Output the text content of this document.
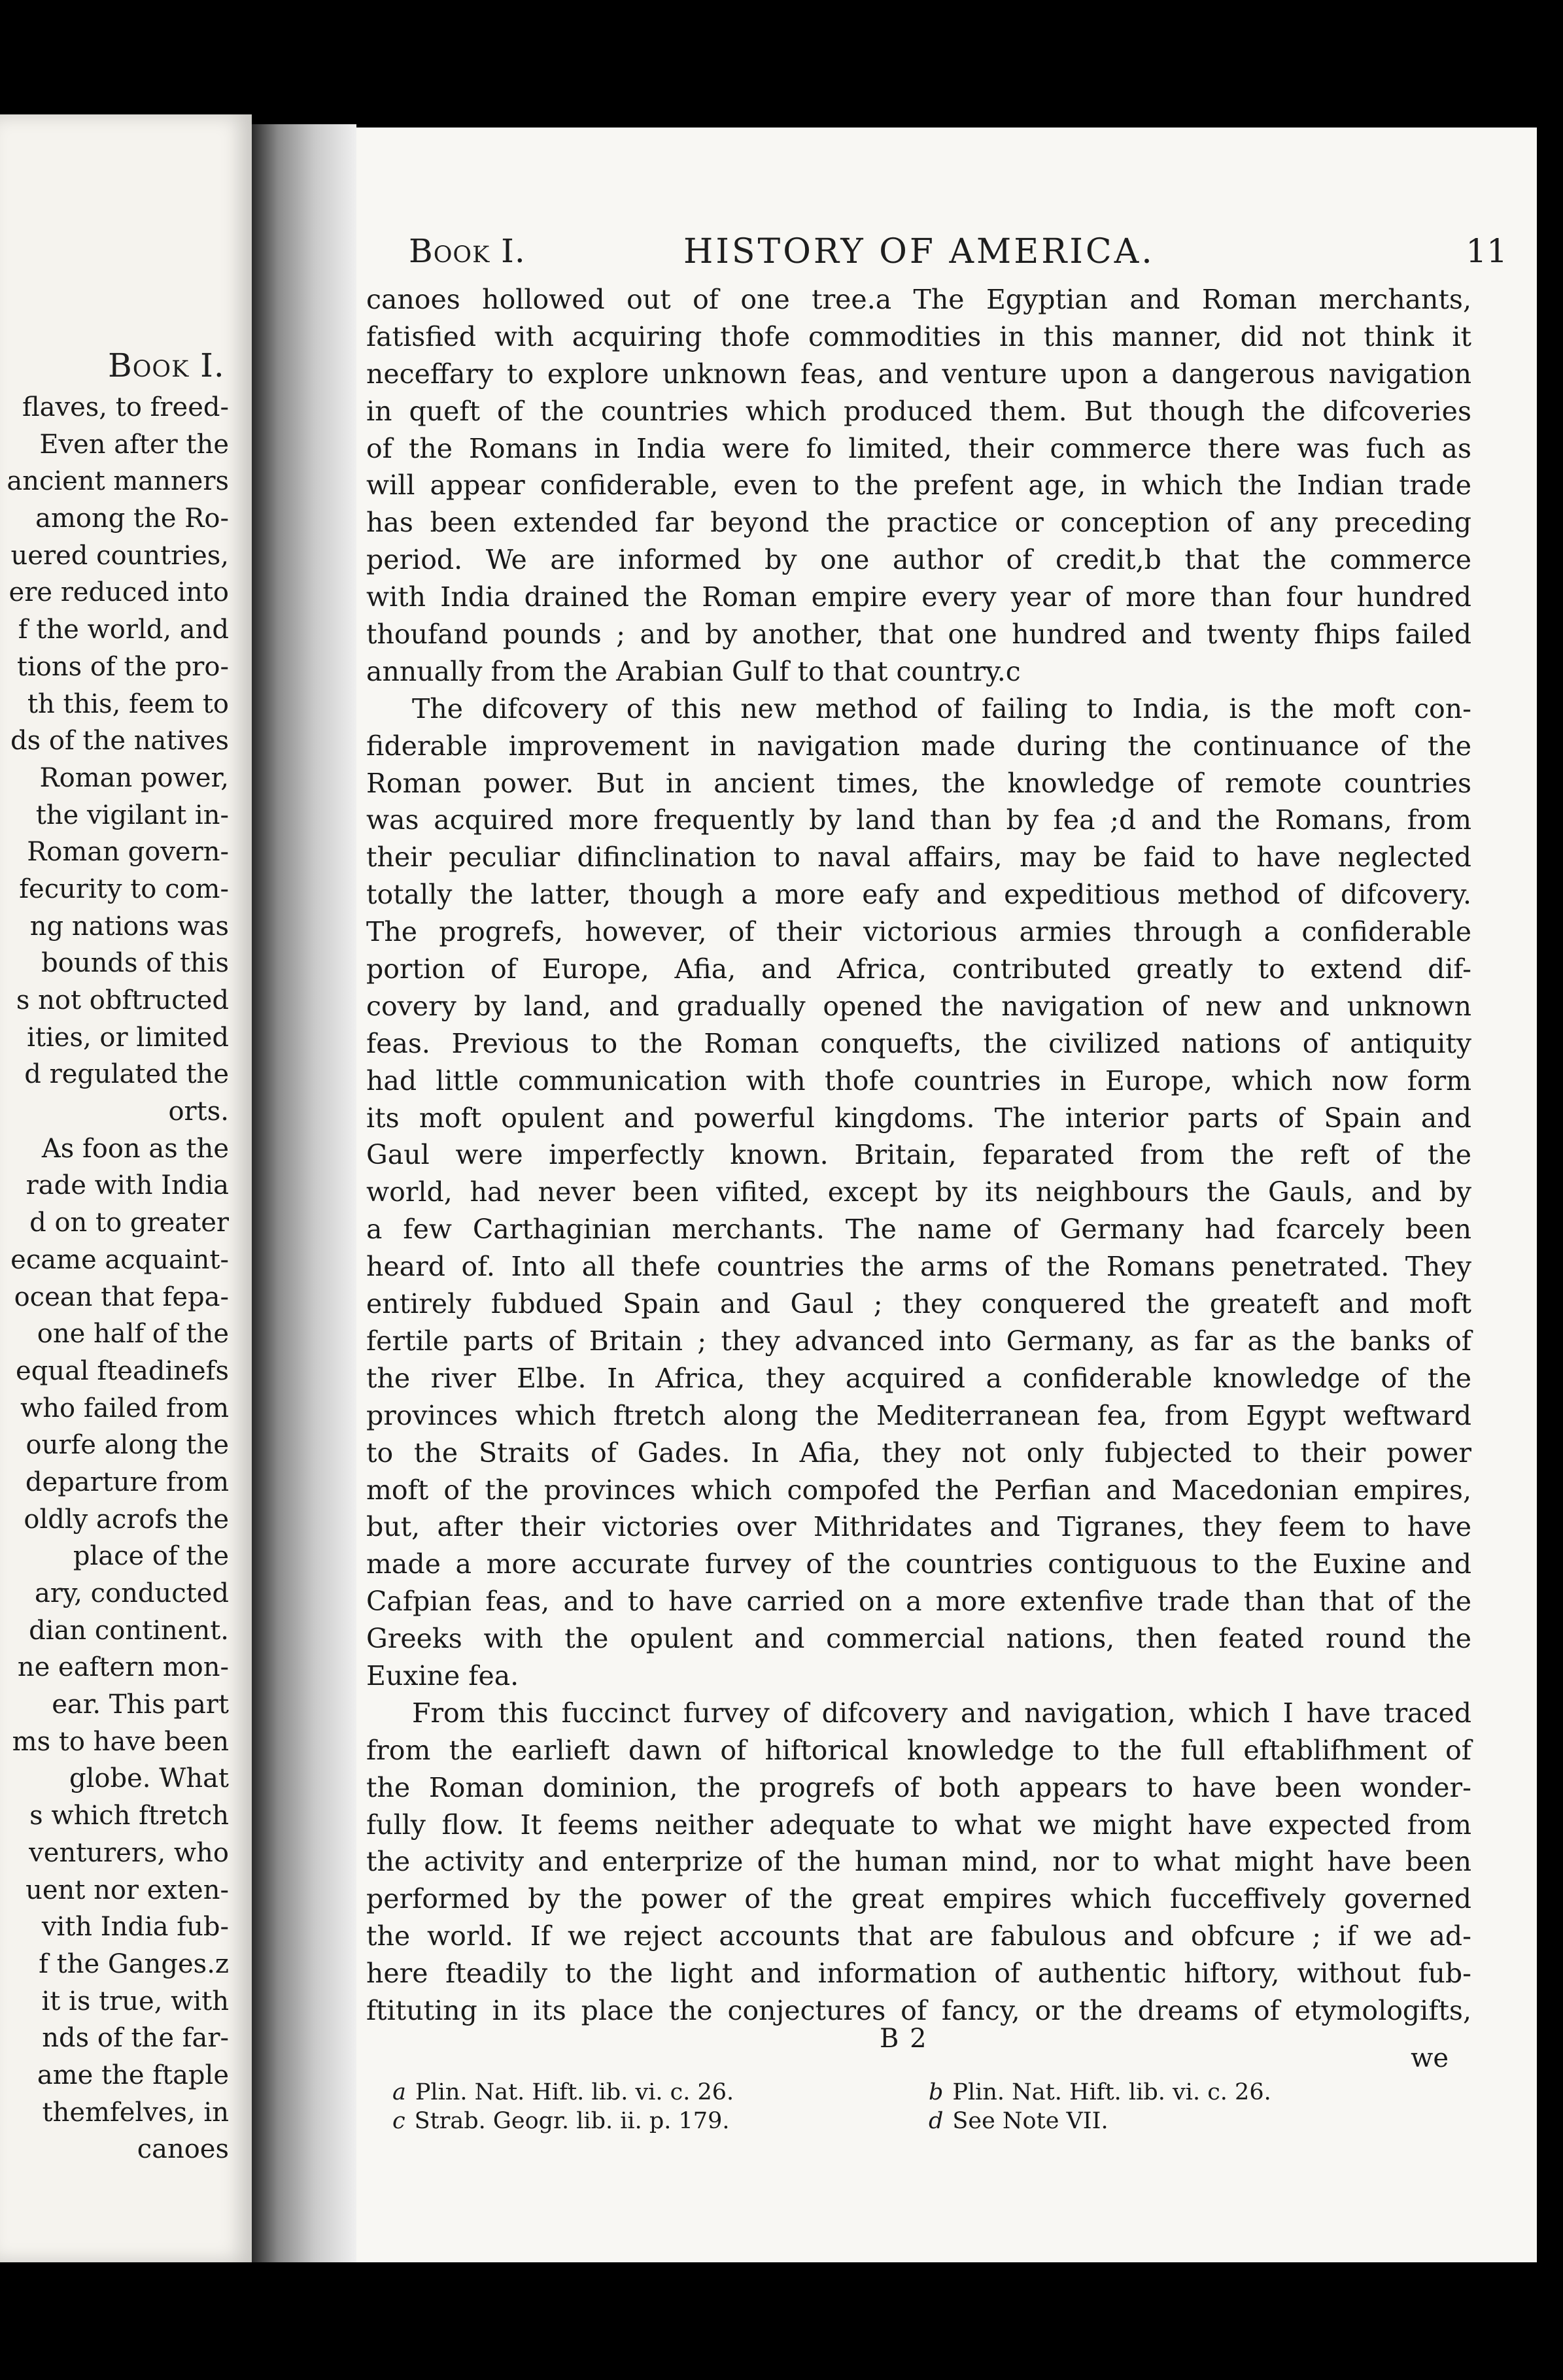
Book I.
flaves, to freed-
Even after the
ancient manners
among the Ro-
uered countries,
ere reduced into
f the world, and
tions of the pro-
th this, feem to
ds of the natives
Roman power,
the vigilant in-
Roman govern-
fecurity to com-
ng nations was
bounds of this
s not obftructed
ities, or limited
d regulated the
orts.
As foon as the
rade with India
d on to greater
ecame acquaint-
ocean that fepa-
one half of the
equal fteadinefs
who failed from
ourfe along the
departure from
oldly acrofs the
place of the
ary, conducted
dian continent.
ne eaftern mon-
ear. This part
ms to have been
globe. What
s which ftretch
venturers, who
uent nor exten-
vith India fub-
f the Ganges.z
it is true, with
nds of the far-
ame the ftaple
themfelves, in
canoes
Book I.	HISTORY OF AMERICA.	11
canoes hollowed out of one tree.a The Egyptian and Roman merchants,
fatisfied with acquiring thofe commodities in this manner, did not think it
neceffary to explore unknown feas, and venture upon a dangerous navigation
in queft of the countries which produced them. But though the difcoveries
of the Romans in India were fo limited, their commerce there was fuch as
will appear confiderable, even to the prefent age, in which the Indian trade
has been extended far beyond the practice or conception of any preceding
period. We are informed by one author of credit,b that the commerce
with India drained the Roman empire every year of more than four hundred
thoufand pounds ; and by another, that one hundred and twenty fhips failed
annually from the Arabian Gulf to that country.c
The difcovery of this new method of failing to India, is the moft con-
fiderable improvement in navigation made during the continuance of the
Roman power. But in ancient times, the knowledge of remote countries
was acquired more frequently by land than by fea ;d and the Romans, from
their peculiar difinclination to naval affairs, may be faid to have neglected
totally the latter, though a more eafy and expeditious method of difcovery.
The progrefs, however, of their victorious armies through a confiderable
portion of Europe, Afia, and Africa, contributed greatly to extend dif-
covery by land, and gradually opened the navigation of new and unknown
feas. Previous to the Roman conquefts, the civilized nations of antiquity
had little communication with thofe countries in Europe, which now form
its moft opulent and powerful kingdoms. The interior parts of Spain and
Gaul were imperfectly known. Britain, feparated from the reft of the
world, had never been vifited, except by its neighbours the Gauls, and by
a few Carthaginian merchants. The name of Germany had fcarcely been
heard of. Into all thefe countries the arms of the Romans penetrated. They
entirely fubdued Spain and Gaul ; they conquered the greateft and moft
fertile parts of Britain ; they advanced into Germany, as far as the banks of
the river Elbe. In Africa, they acquired a confiderable knowledge of the
provinces which ftretch along the Mediterranean fea, from Egypt weftward
to the Straits of Gades. In Afia, they not only fubjected to their power
moft of the provinces which compofed the Perfian and Macedonian empires,
but, after their victories over Mithridates and Tigranes, they feem to have
made a more accurate furvey of the countries contiguous to the Euxine and
Cafpian feas, and to have carried on a more extenfive trade than that of the
Greeks with the opulent and commercial nations, then feated round the
Euxine fea.
From this fuccinct furvey of difcovery and navigation, which I have traced
from the earlieft dawn of hiftorical knowledge to the full eftablifhment of
the Roman dominion, the progrefs of both appears to have been wonder-
fully flow. It feems neither adequate to what we might have expected from
the activity and enterprize of the human mind, nor to what might have been
performed by the power of the great empires which fucceffively governed
the world. If we reject accounts that are fabulous and obfcure ; if we ad-
here fteadily to the light and information of authentic hiftory, without fub-
ftituting in its place the conjectures of fancy, or the dreams of etymologifts,
B 2
we
a Plin. Nat. Hift. lib. vi. c. 26.	b Plin. Nat. Hift. lib. vi. c. 26.
c Strab. Geogr. lib. ii. p. 179.	d See Note VII.
